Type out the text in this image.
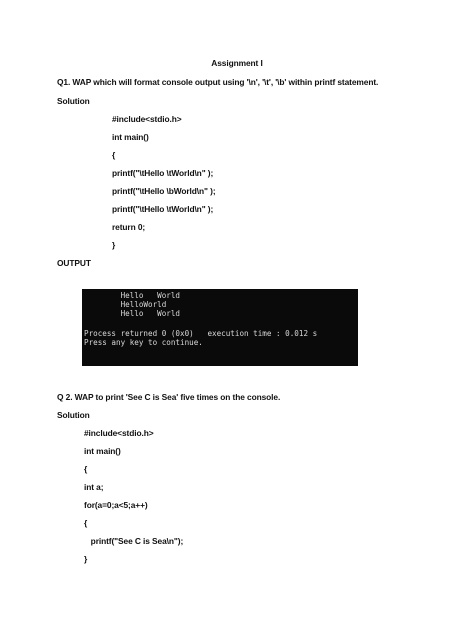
Assignment I
Q1. WAP which will format console output using '\n', '\t', '\b' within printf statement.
Solution
#include<stdio.h>
int main()
{
printf("\tHello \tWorld\n" );
printf("\tHello \bWorld\n" );
printf("\tHello \tWorld\n" );
return 0;
}
OUTPUT
Hello   World
HelloWorld
Hello   World
Process returned 0 (0x0)   execution time : 0.012 s
Press any key to continue.
Q 2. WAP to print 'See C is Sea' five times on the console.
Solution
#include<stdio.h>
int main()
{
int a;
for(a=0;a<5;a++)
{
printf("See C is Sea\n");
}
